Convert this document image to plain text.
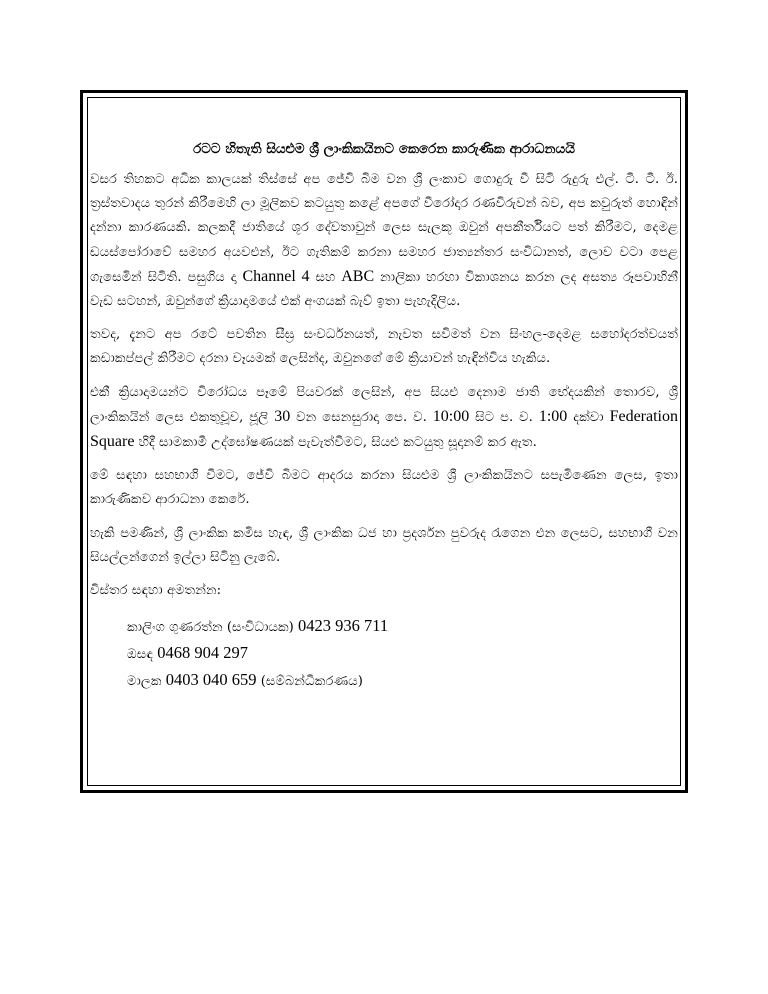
රටට හිතැති සියළුම ශ්‍රී ලාංකිකයිනට කෙරෙන කාරුණික ආරාධනයයි
වසර තිහකට අධික කාලයක් තිස්සේ අප ජේවි බිම වන ශ්‍රී ලංකාව ගොදුරු වී සිටි රුදුරු එල්. ටී. ටී. ඊ. ත්‍රස්තවාදය තුරන් කිරීමෙහි ලා මූලිකව කටයුතු කළේ අපගේ වීරෝදාර රණවිරුවන් බව, අප කවුරුත් හොඳින් දන්නා කාරණයකි. කලකදී ජාතියේ ශූර දේවතාවුන් ලෙස සැලකූ ඔවුන් අපකීර්තියට පත් කිරීමට, දෙමළ ඩයස්පෝරාවේ සමහර අයවළුන්, ඊට ගැතිකම් කරනා සමහර ජාත්‍යන්තර සංවිධානත්, ලොව වටා පෙළ ගැසෙමින් සිටිති. පසුගිය දා Channel 4 සහ ABC නාලිකා හරහා විකාශනය කරන ලද අසත්‍ය රූපවාහිනී වැඩ සටහන්, ඔවුන්ගේ ක්‍රියාදාමයේ එක් අංගයක් බැව් ඉතා පැහැදිලිය.
තවද, දැනට අප රටේ පවතින සීඝ්‍ර සංවර්ධනයත්, නැවත සවිමත් වන සිංහල-දෙමළ සහෝදරත්වයත් කඩාකප්පල් කිරීමට දරනා වෑයමක් ලෙසින්ද, ඔවුනගේ මේ ක්‍රියාවන් හැඳින්විය හැකිය.
එකී ක්‍රියාදාමයන්ට විරෝධය පෑමේ පියවරක් ලෙසින්, අප සියළු දෙනාම ජාති භේදයකින් තොරව, ශ්‍රී ලාංකිකයින් ලෙස එකතුවූව, ජූලි 30 වන සෙනසුරාදා පෙ. ව. 10:00 සිට ප. ව. 1:00 දක්වා Federation Square හිදී සාමකාමී උද්ඝෝෂණයක් පැවැත්වීමට, සියළු කටයුතු සූදානම් කර ඇත.
මේ සඳහා සහභාගි වීමට, ජේවි බිමට ආදරය කරනා සියළුම ශ්‍රී ලාංකිකයිනට සපැමිණෙන ලෙස, ඉතා කාරුණිකව ආරාධනා කෙරේ.
හැකි පමණින්, ශ්‍රී ලාංකික කමිස හැඳ, ශ්‍රී ලාංකික ධජ හා ප්‍රදර්ශන පුවරුද රැගෙන එන ලෙසට, සහභාගී වන සියල්ලන්ගෙන් ඉල්ලා සිටිනු ලැබේ.
විස්තර සඳහා අමතන්න:
කාලිංග ගුණරත්න (සංවිධායක) 0423 936 711
ඔසඳ 0468 904 297
මාලක 0403 040 659 (සම්බන්ධීකරණය)
